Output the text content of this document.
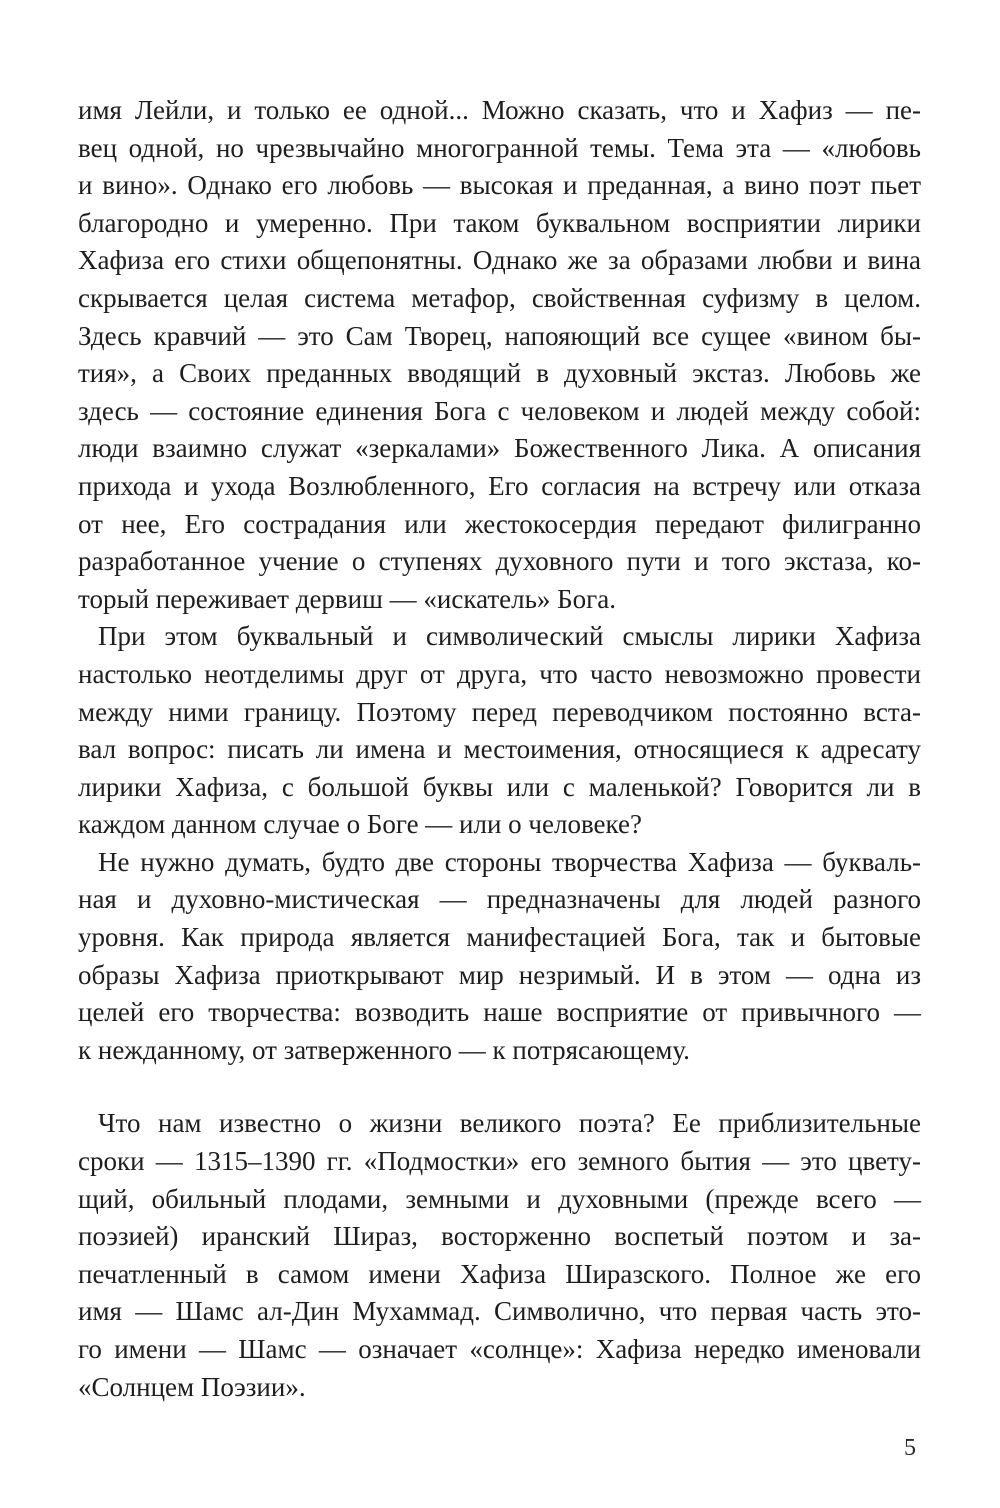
имя Лейли, и только ее одной... Можно сказать, что и Хафиз — пе-
вец одной, но чрезвычайно многогранной темы. Тема эта — «любовь
и вино». Однако его любовь — высокая и преданная, а вино поэт пьет
благородно и умеренно. При таком буквальном восприятии лирики
Хафиза его стихи общепонятны. Однако же за образами любви и вина
скрывается целая система метафор, свойственная суфизму в целом.
Здесь кравчий — это Сам Творец, напояющий все сущее «вином бы-
тия», а Своих преданных вводящий в духовный экстаз. Любовь же
здесь — состояние единения Бога с человеком и людей между собой:
люди взаимно служат «зеркалами» Божественного Лика. А описания
прихода и ухода Возлюбленного, Его согласия на встречу или отказа
от нее, Его сострадания или жестокосердия передают филигранно
разработанное учение о ступенях духовного пути и того экстаза, ко-
торый переживает дервиш — «искатель» Бога.
При этом буквальный и символический смыслы лирики Хафиза
настолько неотделимы друг от друга, что часто невозможно провести
между ними границу. Поэтому перед переводчиком постоянно вста-
вал вопрос: писать ли имена и местоимения, относящиеся к адресату
лирики Хафиза, с большой буквы или с маленькой? Говорится ли в
каждом данном случае о Боге — или о человеке?
Не нужно думать, будто две стороны творчества Хафиза — букваль-
ная и духовно-мистическая — предназначены для людей разного
уровня. Как природа является манифестацией Бога, так и бытовые
образы Хафиза приоткрывают мир незримый. И в этом — одна из
целей его творчества: возводить наше восприятие от привычного —
к нежданному, от затверженного — к потрясающему.
Что нам известно о жизни великого поэта? Ее приблизительные
сроки — 1315–1390 гг. «Подмостки» его земного бытия — это цвету-
щий, обильный плодами, земными и духовными (прежде всего —
поэзией) иранский Шираз, восторженно воспетый поэтом и за-
печатленный в самом имени Хафиза Ширазского. Полное же его
имя — Шамс ал-Дин Мухаммад. Символично, что первая часть это-
го имени — Шамс — означает «солнце»: Хафиза нередко именовали
«Солнцем Поэзии».
5
